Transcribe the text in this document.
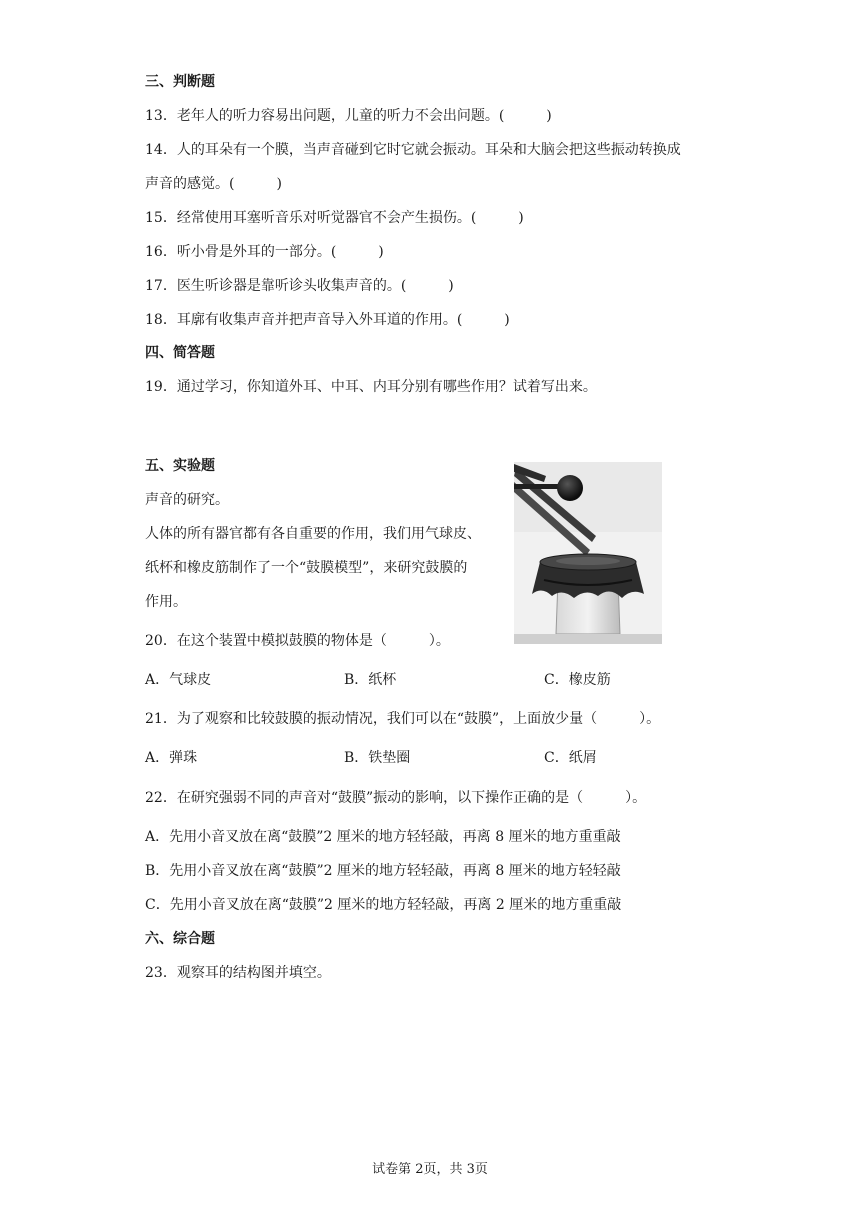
三、判断题
13．老年人的听力容易出问题，儿童的听力不会出问题。(　　　)
14．人的耳朵有一个膜，当声音碰到它时它就会振动。耳朵和大脑会把这些振动转换成
声音的感觉。(　　　)
15．经常使用耳塞听音乐对听觉器官不会产生损伤。(　　　)
16．听小骨是外耳的一部分。(　　　)
17．医生听诊器是靠听诊头收集声音的。(　　　)
18．耳廓有收集声音并把声音导入外耳道的作用。(　　　)
四、简答题
19．通过学习，你知道外耳、中耳、内耳分别有哪些作用？试着写出来。
五、实验题
声音的研究。
人体的所有器官都有各自重要的作用，我们用气球皮、
纸杯和橡皮筋制作了一个“鼓膜模型”，来研究鼓膜的
作用。
20．在这个装置中模拟鼓膜的物体是（　　　）。
A．气球皮	B．纸杯	C．橡皮筋
21．为了观察和比较鼓膜的振动情况，我们可以在“鼓膜”，上面放少量（　　　）。
A．弹珠	B．铁垫圈	C．纸屑
22．在研究强弱不同的声音对“鼓膜”振动的影响，以下操作正确的是（　　　）。
A．先用小音叉放在离“鼓膜”2 厘米的地方轻轻敲，再离 8 厘米的地方重重敲
B．先用小音叉放在离“鼓膜”2 厘米的地方轻轻敲，再离 8 厘米的地方轻轻敲
C．先用小音叉放在离“鼓膜”2 厘米的地方轻轻敲，再离 2 厘米的地方重重敲
六、综合题
23．观察耳的结构图并填空。
试卷第 2页，共 3页
